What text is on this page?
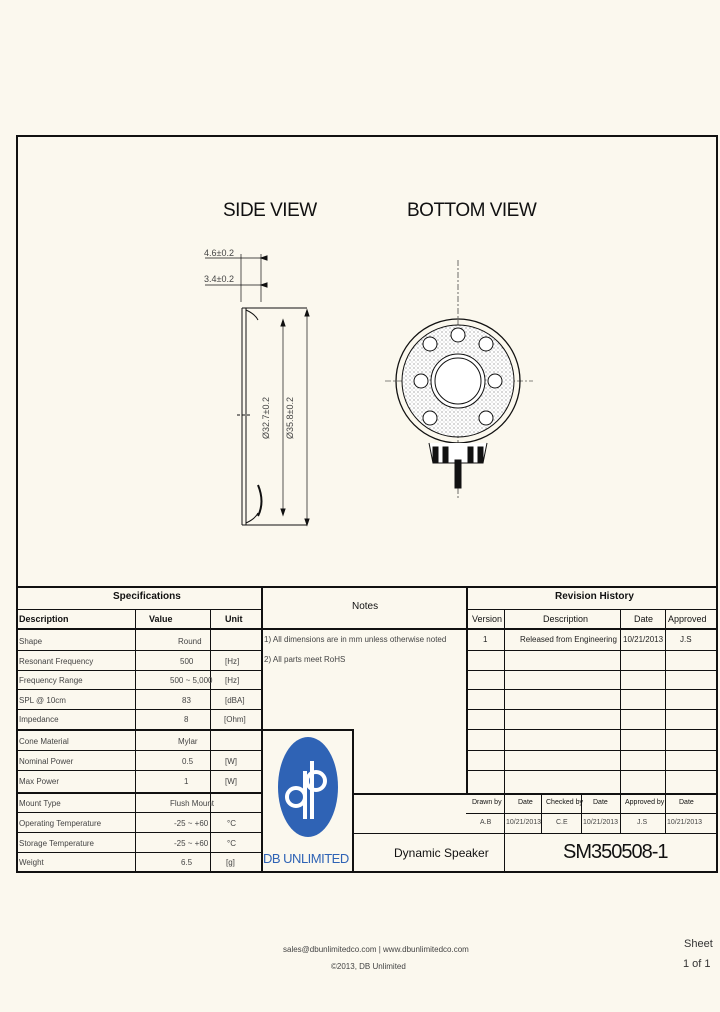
SIDE VIEW	BOTTOM VIEW
4.6±0.2
3.4±0.2
Ø32.7±0.2 Ø35.8±0.2
Specifications
Description	Value	Unit
Shape	Round
Resonant Frequency	500	[Hz]
Frequency Range	500 ~ 5,000 [Hz]
SPL @ 10cm	83	[dBA]
Impedance	8	[Ohm]
Cone Material	Mylar
Nominal Power	0.5	[W]
Max Power	1	[W]
Mount Type	Flush Mount
Operating Temperature	-25 ~ +60 °C
Storage Temperature	-25 ~ +60 °C
Weight	6.5	[g]
Notes
1) All dimensions are in mm unless otherwise noted
2) All parts meet RoHS
Revision History
Version	Description	Date Approved
1	Released from Engineering 10/21/2013 J.S
DB UNLIMITED
Drawn by Date Checked by Date Approved by Date
A.B 10/21/2013 C.E 10/21/2013	J.S	10/21/2013
Dynamic Speaker	SM350508-1
sales@dbunlimitedco.com | www.dbunlimitedco.com
©2013, DB Unlimited
Sheet
1 of 1
